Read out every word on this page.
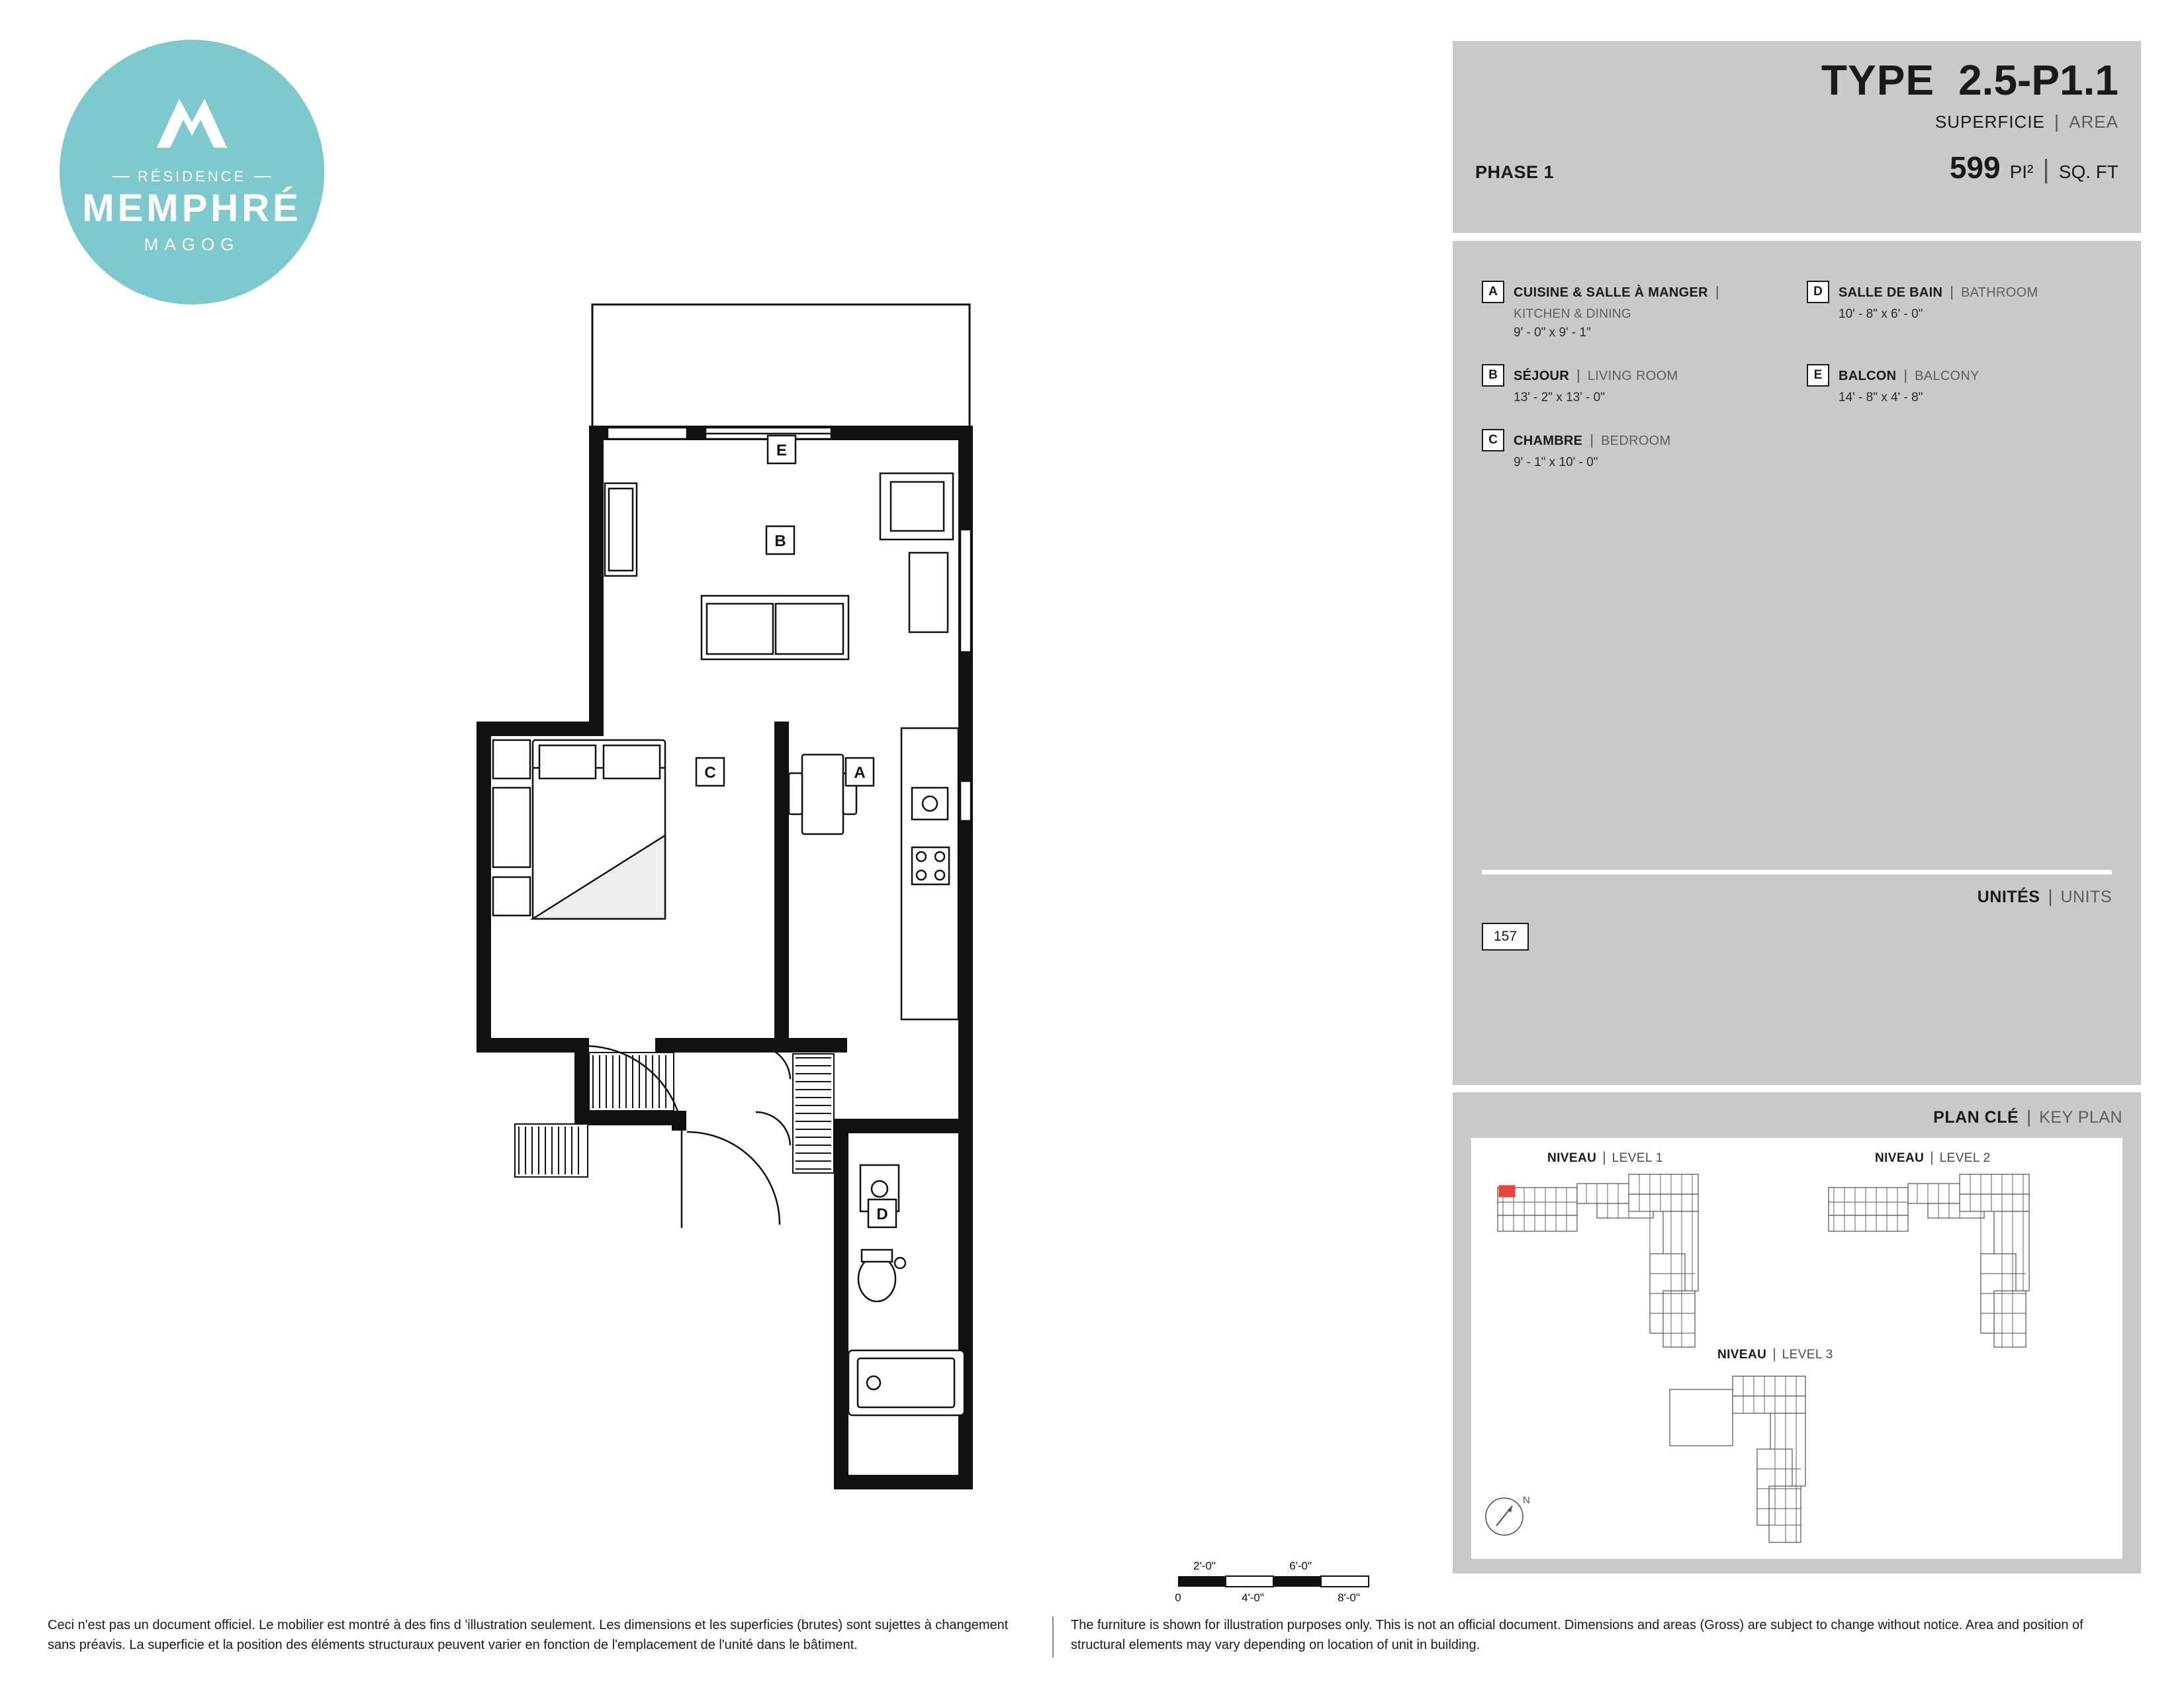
RÉSIDENCE
MEMPHRÉ
MAGOG
E
B
C	A
D
2'-0"	6'-0"
0	4'-0"	8'-0"
TYPE 2.5-P1.1
SUPERFICIE | AREA
PHASE 1	599 PI² | SQ. FT
A	CUISINE & SALLE À MANGER |
KITCHEN & DINING
9' - 0" x 9' - 1"
D	SALLE DE BAIN | BATHROOM
10' - 8" x 6' - 0"
B	SÉJOUR | LIVING ROOM
13' - 2" x 13' - 0"
E	BALCON | BALCONY
14' - 8" x 4' - 8"
C	CHAMBRE | BEDROOM
9' - 1" x 10' - 0"
UNITÉS | UNITS
157
PLAN CLÉ | KEY PLAN
NIVEAU | LEVEL 1	NIVEAU | LEVEL 2
NIVEAU | LEVEL 3
N
Ceci n'est pas un document officiel. Le mobilier est montré à des fins d 'illustration seulement. Les dimensions et les superficies (brutes) sont sujettes à changement sans préavis. La superficie et la position des éléments structuraux peuvent varier en fonction de l'emplacement de l'unité dans le bâtiment.
The furniture is shown for illustration purposes only. This is not an official document. Dimensions and areas (Gross) are subject to change without notice. Area and position of structural elements may vary depending on location of unit in building.
